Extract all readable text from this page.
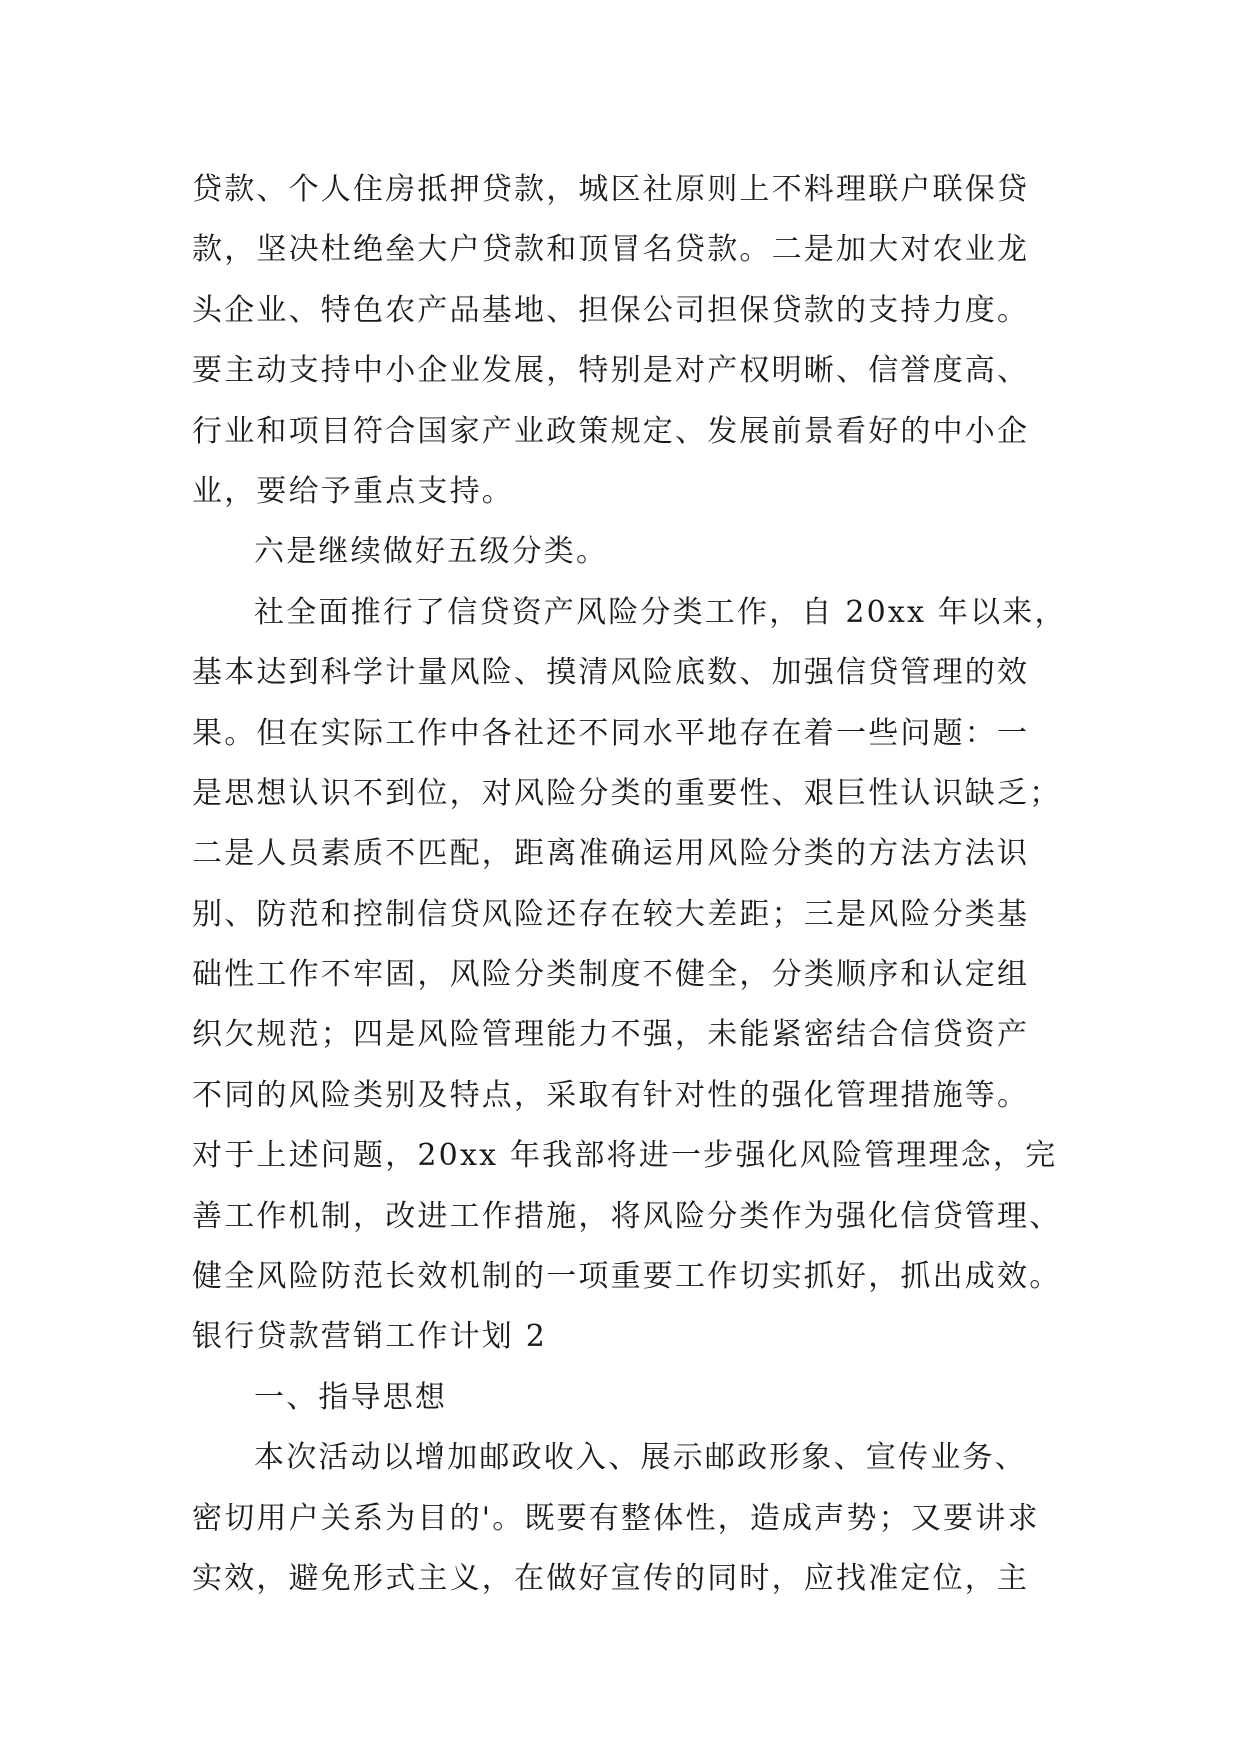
贷款、个人住房抵押贷款，城区社原则上不料理联户联保贷
款，坚决杜绝垒大户贷款和顶冒名贷款。二是加大对农业龙
头企业、特色农产品基地、担保公司担保贷款的支持力度。
要主动支持中小企业发展，特别是对产权明晰、信誉度高、
行业和项目符合国家产业政策规定、发展前景看好的中小企
业，要给予重点支持。
六是继续做好五级分类。
社全面推行了信贷资产风险分类工作，自 20xx 年以来，
基本达到科学计量风险、摸清风险底数、加强信贷管理的效
果。但在实际工作中各社还不同水平地存在着一些问题：一
是思想认识不到位，对风险分类的重要性、艰巨性认识缺乏；
二是人员素质不匹配，距离准确运用风险分类的方法方法识
别、防范和控制信贷风险还存在较大差距；三是风险分类基
础性工作不牢固，风险分类制度不健全，分类顺序和认定组
织欠规范；四是风险管理能力不强，未能紧密结合信贷资产
不同的风险类别及特点，采取有针对性的强化管理措施等。
对于上述问题，20xx 年我部将进一步强化风险管理理念，完
善工作机制，改进工作措施，将风险分类作为强化信贷管理、
健全风险防范长效机制的一项重要工作切实抓好，抓出成效。
银行贷款营销工作计划 2
一、指导思想
本次活动以增加邮政收入、展示邮政形象、宣传业务、
密切用户关系为目的'。既要有整体性，造成声势；又要讲求
实效，避免形式主义，在做好宣传的同时，应找准定位，主
